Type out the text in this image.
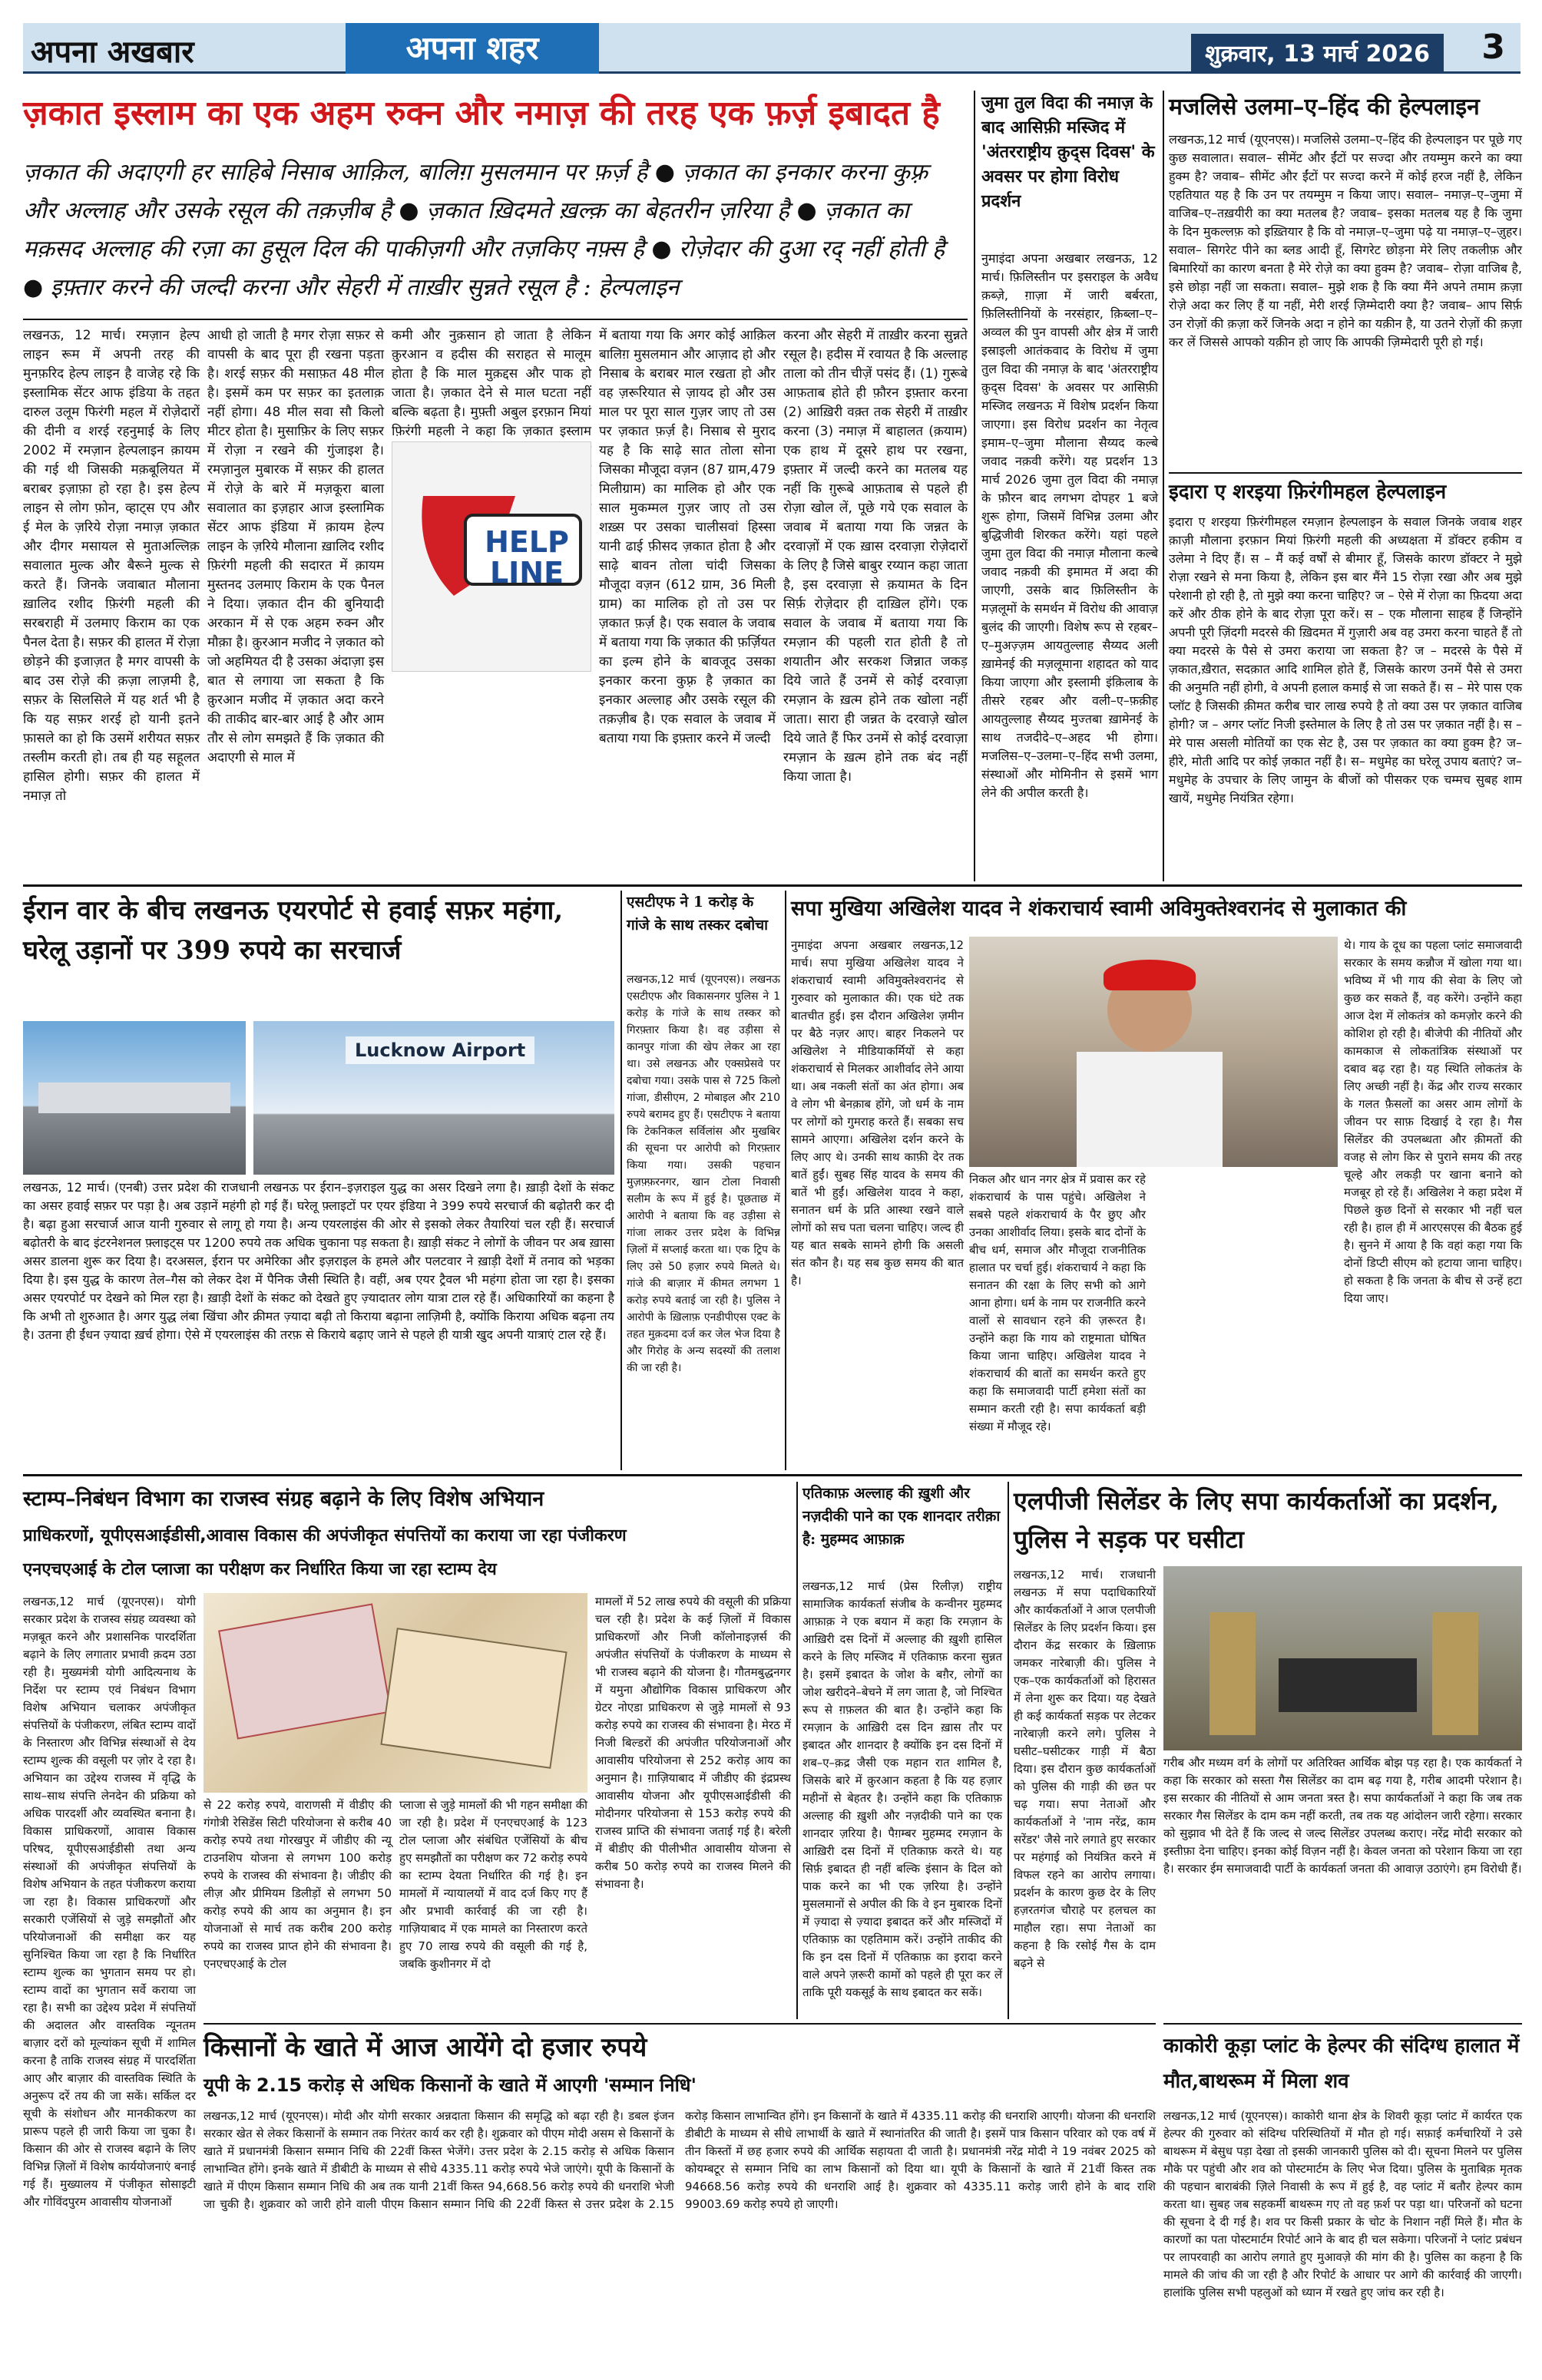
अपना अखबार	अपना शहर	शुक्रवार, 13 मार्च 2026	3
ज़कात इस्लाम का एक अहम रुक्न और नमाज़ की तरह एक फ़र्ज़ इबादत है
ज़कात की अदाएगी हर साहिबे निसाब आक़िल, बालिग़ मुसलमान पर फ़र्ज़ है ● ज़कात का इनकार करना कुफ़्र और अल्लाह और उसके रसूल की तक़ज़ीब है ● ज़कात ख़िदमते ख़ल्क़ का बेहतरीन ज़रिया है ● ज़कात का मक़सद अल्लाह की रज़ा का हुसूल दिल की पाकीज़गी और तज़किए नफ़्स है ● रोज़ेदार की दुआ रद् नहीं होती है ● इफ़्तार करने की जल्दी करना और सेहरी में ताख़ीर सुन्नते रसूल है : हेल्पलाइन
लखनऊ, 12 मार्च। रमज़ान हेल्प लाइन रूम में अपनी तरह की मुनफ़रिद हेल्प लाइन है वाजेह रहे कि इस्लामिक सेंटर आफ इंडिया के तहत दारुल उलूम फिरंगी महल में रोज़ेदारों की दीनी व शरई रहनुमाई के लिए 2002 में रमज़ान हेल्पलाइन क़ायम की गई थी जिसकी मक़बूलियत में बराबर इज़ाफ़ा हो रहा है। इस हेल्प लाइन से लोग फ़ोन, व्हाट्स एप और ई मेल के ज़रिये रोज़ा नमाज़ ज़कात और दीगर मसायल से मुताअल्लिक़ सवालात मुल्क और बैरूने मुल्क से करते हैं। जिनके जवाबात मौलाना ख़ालिद रशीद फ़िरंगी महली की सरबराही में उलमाए किराम का एक पैनल देता है। सफ़र की हालत में रोज़ा छोड़ने की इजाज़त है मगर वापसी के बाद उस रोज़े की क़ज़ा लाज़मी है, सफ़र के सिलसिले में यह शर्त भी है कि यह सफ़र शरई हो यानी इतने फ़ासले का हो कि उसमें शरीयत सफ़र तस्लीम करती हो। तब ही यह सहूलत हासिल होगी। सफ़र की हालत में नमाज़ तो
आधी हो जाती है मगर रोज़ा सफ़र से वापसी के बाद पूरा ही रखना पड़ता है। शरई सफ़र की मसाफ़त 48 मील है। इसमें कम पर सफ़र का इतलाक़ नहीं होगा। 48 मील सवा सौ किलो मीटर होता है। मुसाफ़िर के लिए सफ़र में रोज़ा न रखने की गुंजाइश है। रमज़ानुल मुबारक में सफ़र की हालत में रोज़े के बारे में मज़कूरा बाला सवालात का इज़हार आज इस्लामिक सेंटर आफ इंडिया में क़ायम हेल्प लाइन के ज़रिये मौलाना ख़ालिद रशीद फ़िरंगी महली की सदारत में क़ायम मुस्तनद उलमाए किराम के एक पैनल ने दिया। ज़कात दीन की बुनियादी अरकान में से एक अहम रुक्न और मौक़ा है। क़ुरआन मजीद ने ज़कात को जो अहमियत दी है उसका अंदाज़ा इस बात से लगाया जा सकता है कि क़ुरआन मजीद में ज़कात अदा करने की ताकीद बार-बार आई है और आम तौर से लोग समझते हैं कि ज़कात की अदाएगी से माल में
कमी और नुक़सान हो जाता है लेकिन क़ुरआन व हदीस की सराहत से मालूम होता है कि माल मुक़द्दस और पाक हो जाता है। ज़कात देने से माल घटता नहीं बल्कि बढ़ता है। मुफ़्ती अबुल इरफ़ान मियां फ़िरंगी महली ने कहा कि ज़कात इस्लाम
HELP LINE
में बताया गया कि अगर कोई आक़िल बालिग़ मुसलमान और आज़ाद हो और निसाब के बराबर माल रखता हो और वह ज़रूरियात से ज़ायद हो और उस माल पर पूरा साल गुज़र जाए तो उस पर ज़कात फ़र्ज़ है। निसाब से मुराद यह है कि साढ़े सात तोला सोना जिसका मौजूदा वज़न (87 ग्राम,479 मिलीग्राम) का मालिक हो और एक साल मुकम्मल गुज़र जाए तो उस शख़्स पर उसका चालीसवां हिस्सा यानी ढाई फ़ीसद ज़कात होता है और साढ़े बावन तोला चांदी जिसका मौजूदा वज़न (612 ग्राम, 36 मिली ग्राम) का मालिक हो तो उस पर ज़कात फ़र्ज़ है। एक सवाल के जवाब में बताया गया कि ज़कात की फ़र्ज़ियत का इल्म होने के बावजूद उसका इनकार करना कुफ़्र है ज़कात का इनकार अल्लाह और उसके रसूल की तक़ज़ीब है। एक सवाल के जवाब में बताया गया कि इफ़्तार करने में जल्दी
करना और सेहरी में ताख़ीर करना सुन्नते रसूल है। हदीस में रवायत है कि अल्लाह ताला को तीन चीज़ें पसंद हैं। (1) गुरूबे आफ़ताब होते ही फ़ौरन इफ़्तार करना (2) आख़िरी वक़्त तक सेहरी में ताख़ीर करना (3) नमाज़ में बाहालत (क़याम) एक हाथ में दूसरे हाथ पर रखना, इफ़्तार में जल्दी करने का मतलब यह नहीं कि ग़ुरूबे आफ़ताब से पहले ही रोज़ा खोल लें, पूछे गये एक सवाल के जवाब में बताया गया कि जन्नत के दरवाज़ों में एक ख़ास दरवाज़ा रोज़ेदारों के लिए है जिसे बाबुर रय्यान कहा जाता है, इस दरवाज़ा से क़यामत के दिन सिर्फ़ रोज़ेदार ही दाख़िल होंगे। एक सवाल के जवाब में बताया गया कि रमज़ान की पहली रात होती है तो शयातीन और सरकश जिन्नात जकड़ दिये जाते हैं उनमें से कोई दरवाज़ा रमज़ान के ख़त्म होने तक खोला नहीं जाता। सारा ही जन्नत के दरवाज़े खोल दिये जाते हैं फिर उनमें से कोई दरवाज़ा रमज़ान के ख़त्म होने तक बंद नहीं किया जाता है।
जुमा तुल विदा की नमाज़ के बाद आसिफ़ी मस्जिद में 'अंतरराष्ट्रीय क़ुद्स दिवस' के अवसर पर होगा विरोध प्रदर्शन
नुमाइंदा अपना अखबार लखनऊ, 12 मार्च। फ़िलिस्तीन पर इसराइल के अवैध क़ब्ज़े, ग़ाज़ा में जारी बर्बरता, फ़िलिस्तीनियों के नरसंहार, क़िब्ला–ए–अव्वल की पुन वापसी और क्षेत्र में जारी इस्राइली आतंकवाद के विरोध में जुमा तुल विदा की नमाज़ के बाद 'अंतरराष्ट्रीय क़ुद्स दिवस' के अवसर पर आसिफ़ी मस्जिद लखनऊ में विशेष प्रदर्शन किया जाएगा। इस विरोध प्रदर्शन का नेतृत्व इमाम–ए–जुमा मौलाना सैय्यद कल्बे जवाद नक़वी करेंगे। यह प्रदर्शन 13 मार्च 2026 जुमा तुल विदा की नमाज़ के फ़ौरन बाद लगभग दोपहर 1 बजे शुरू होगा, जिसमें विभिन्न उलमा और बुद्धिजीवी शिरकत करेंगे। यहां पहले जुमा तुल विदा की नमाज़ मौलाना कल्बे जवाद नक़वी की इमामत में अदा की जाएगी, उसके बाद फ़िलिस्तीन के मज़लूमों के समर्थन में विरोध की आवाज़ बुलंद की जाएगी। विशेष रूप से रहबर–ए–मुअज़्ज़म आयतुल्लाह सैय्यद अली ख़ामेनई की मज़लूमाना शहादत को याद किया जाएगा और इस्लामी इंक़िलाब के तीसरे रहबर और वली–ए–फ़क़ीह आयतुल्लाह सैय्यद मुज्तबा ख़ामेनई के साथ तजदीदे–ए–अहद भी होगा। मजलिस–ए–उलमा–ए–हिंद सभी उलमा, संस्थाओं और मोमिनीन से इसमें भाग लेने की अपील करती है।
मजलिसे उलमा–ए–हिंद की हेल्पलाइन
लखनऊ,12 मार्च (यूएनएस)। मजलिसे उलमा–ए–हिंद की हेल्पलाइन पर पूछे गए कुछ सवालात। सवाल– सीमेंट और ईंटों पर सज्दा और तयम्मुम करने का क्या हुक्म है? जवाब– सीमेंट और ईंटों पर सज्दा करने में कोई हरज नहीं है, लेकिन एहतियात यह है कि उन पर तयम्मुम न किया जाए। सवाल– नमाज़–ए–जुमा में वाजिब–ए–तख़यीरी का क्या मतलब है? जवाब– इसका मतलब यह है कि जुमा के दिन मुकल्लफ़ को इख़्तियार है कि वो नमाज़–ए–जुमा पढ़े या नमाज़–ए–ज़ुहर। सवाल– सिगरेट पीने का ब्लड आदी हूँ, सिगरेट छोड़ना मेरे लिए तकलीफ़ और बिमारियों का कारण बनता है मेरे रोज़े का क्या हुक्म है? जवाब– रोज़ा वाजिब है, इसे छोड़ा नहीं जा सकता। सवाल– मुझे शक है कि क्या मैंने अपने तमाम क़ज़ा रोज़े अदा कर लिए हैं या नहीं, मेरी शरई ज़िम्मेदारी क्या है? जवाब– आप सिर्फ़ उन रोज़ों की क़ज़ा करें जिनके अदा न होने का यक़ीन है, या उतने रोज़ों की क़ज़ा कर लें जिससे आपको यक़ीन हो जाए कि आपकी ज़िम्मेदारी पूरी हो गई।
इदारा ए शरइया फ़िरंगीमहल हेल्पलाइन
इदारा ए शरइया फ़िरंगीमहल रमज़ान हेल्पलाइन के सवाल जिनके जवाब शहर क़ाज़ी मौलाना इरफ़ान मियां फ़िरंगी महली की अध्यक्षता में डॉक्टर हकीम व उलेमा ने दिए हैं। स – मैं कई वर्षों से बीमार हूँ, जिसके कारण डॉक्टर ने मुझे रोज़ा रखने से मना किया है, लेकिन इस बार मैंने 15 रोज़ा रखा और अब मुझे परेशानी हो रही है, तो मुझे क्या करना चाहिए? ज – ऐसे में रोज़ा का फ़िदया अदा करें और ठीक होने के बाद रोज़ा पूरा करें। स – एक मौलाना साहब हैं जिन्होंने अपनी पूरी ज़िंदगी मदरसे की ख़िदमत में गुज़ारी अब वह उमरा करना चाहते हैं तो क्या मदरसे के पैसे से उमरा कराया जा सकता है? ज – मदरसे के पैसे में ज़कात,ख़ैरात, सदक़ात आदि शामिल होते हैं, जिसके कारण उनमें पैसे से उमरा की अनुमति नहीं होगी, वे अपनी हलाल कमाई से जा सकते हैं। स – मेरे पास एक प्लॉट है जिसकी क़ीमत करीब चार लाख रुपये है तो क्या उस पर ज़कात वाजिब होगी? ज – अगर प्लॉट निजी इस्तेमाल के लिए है तो उस पर ज़कात नहीं है। स – मेरे पास असली मोतियों का एक सेट है, उस पर ज़कात का क्या हुक्म है? ज– हीरे, मोती आदि पर कोई ज़कात नहीं है। स– मधुमेह का घरेलू उपाय बताएं? ज– मधुमेह के उपचार के लिए जामुन के बीजों को पीसकर एक चम्मच सुबह शाम खायें, मधुमेह नियंत्रित रहेगा।
ईरान वार के बीच लखनऊ एयरपोर्ट से हवाई सफ़र महंगा, घरेलू उड़ानों पर 399 रुपये का सरचार्ज
Lucknow Airport
लखनऊ, 12 मार्च। (एनबी) उत्तर प्रदेश की राजधानी लखनऊ पर ईरान–इज़राइल युद्ध का असर दिखने लगा है। ख़ाड़ी देशों के संकट का असर हवाई सफ़र पर पड़ा है। अब उड़ानें महंगी हो गई हैं। घरेलू फ़्लाइटों पर एयर इंडिया ने 399 रुपये सरचार्ज की बढ़ोतरी कर दी है। बढ़ा हुआ सरचार्ज आज यानी गुरुवार से लागू हो गया है। अन्य एयरलाइंस की ओर से इसको लेकर तैयारियां चल रही हैं। सरचार्ज बढ़ोतरी के बाद इंटरनेशनल फ़्लाइट्स पर 1200 रुपये तक अधिक चुकाना पड़ सकता है। ख़ाड़ी संकट ने लोगों के जीवन पर अब ख़ासा असर डालना शुरू कर दिया है। दरअसल, ईरान पर अमेरिका और इज़राइल के हमले और पलटवार ने ख़ाड़ी देशों में तनाव को भड़का दिया है। इस युद्ध के कारण तेल–गैस को लेकर देश में पैनिक जैसी स्थिति है। वहीं, अब एयर ट्रैवल भी महंगा होता जा रहा है। इसका असर एयरपोर्ट पर देखने को मिल रहा है। ख़ाड़ी देशों के संकट को देखते हुए ज़्यादातर लोग यात्रा टाल रहे हैं। अधिकारियों का कहना है कि अभी तो शुरुआत है। अगर युद्ध लंबा खिंचा और क्रीमत ज़्यादा बढ़ी तो किराया बढ़ाना लाज़िमी है, क्योंकि किराया अधिक बढ़ना तय है। उतना ही ईंधन ज़्यादा ख़र्च होगा। ऐसे में एयरलाइंस की तरफ़ से किराये बढ़ाए जाने से पहले ही यात्री खुद अपनी यात्राएं टाल रहे हैं।
एसटीएफ ने 1 करोड़ के गांजे के साथ तस्कर दबोचा
लखनऊ,12 मार्च (यूएनएस)। लखनऊ एसटीएफ और विकासनगर पुलिस ने 1 करोड़ के गांजे के साथ तस्कर को गिरफ़्तार किया है। वह उड़ीसा से कानपुर गांजा की खेप लेकर आ रहा था। उसे लखनऊ और एक्सप्रेसवे पर दबोचा गया। उसके पास से 725 किलो गांजा, डीसीएम, 2 मोबाइल और 210 रुपये बरामद हुए हैं। एसटीएफ ने बताया कि टेकनिकल सर्विलांस और मुखबिर की सूचना पर आरोपी को गिरफ़्तार किया गया। उसकी पहचान मुज़फ़्फ़रनगर, खान टोला निवासी सलीम के रूप में हुई है। पूछताछ में आरोपी ने बताया कि वह उड़ीसा से गांजा लाकर उत्तर प्रदेश के विभिन्न ज़िलों में सप्लाई करता था। एक ट्रिप के लिए उसे 50 हज़ार रुपये मिलते थे। गांजे की बाज़ार में कीमत लगभग 1 करोड़ रुपये बताई जा रही है। पुलिस ने आरोपी के ख़िलाफ़ एनडीपीएस एक्ट के तहत मुक़दमा दर्ज कर जेल भेज दिया है और गिरोह के अन्य सदस्यों की तलाश की जा रही है।
सपा मुखिया अखिलेश यादव ने शंकराचार्य स्वामी अविमुक्तेश्वरानंद से मुलाकात की
नुमाइंदा अपना अखबार लखनऊ,12 मार्च। सपा मुखिया अखिलेश यादव ने शंकराचार्य स्वामी अविमुक्तेश्वरानंद से गुरुवार को मुलाकात की। एक घंटे तक बातचीत हुई। इस दौरान अखिलेश ज़मीन पर बैठे नज़र आए। बाहर निकलने पर अखिलेश ने मीडियाकर्मियों से कहा शंकराचार्य से मिलकर आशीर्वाद लेने आया था। अब नकली संतों का अंत होगा। अब वे लोग भी बेनक़ाब होंगे, जो धर्म के नाम पर लोगों को गुमराह करते हैं। सबका सच सामने आएगा। अखिलेश दर्शन करने के लिए आए थे। उनकी साथ काफ़ी देर तक बातें हुईं। सुबह सिंह यादव के समय की बातें भी हुईं। अखिलेश यादव ने कहा, सनातन धर्म के प्रति आस्था रखने वाले लोगों को सच पता चलना चाहिए। जल्द ही यह बात सबके सामने होगी कि असली संत कौन है। यह सब कुछ समय की बात है।
निकल और धान नगर क्षेत्र में प्रवास कर रहे शंकराचार्य के पास पहुंचे। अखिलेश ने सबसे पहले शंकराचार्य के पैर छुए और उनका आशीर्वाद लिया। इसके बाद दोनों के बीच धर्म, समाज और मौजूदा राजनीतिक हालात पर चर्चा हुई। शंकराचार्य ने कहा कि सनातन की रक्षा के लिए सभी को आगे आना होगा। धर्म के नाम पर राजनीति करने वालों से सावधान रहने की ज़रूरत है। उन्होंने कहा कि गाय को राष्ट्रमाता घोषित किया जाना चाहिए। अखिलेश यादव ने शंकराचार्य की बातों का समर्थन करते हुए कहा कि समाजवादी पार्टी हमेशा संतों का सम्मान करती रही है। सपा कार्यकर्ता बड़ी संख्या में मौजूद रहे।
थे। गाय के दूध का पहला प्लांट समाजवादी सरकार के समय कन्नौज में खोला गया था। भविष्य में भी गाय की सेवा के लिए जो कुछ कर सकते हैं, वह करेंगे। उन्होंने कहा आज देश में लोकतंत्र को कमज़ोर करने की कोशिश हो रही है। बीजेपी की नीतियों और कामकाज से लोकतांत्रिक संस्थाओं पर दबाव बढ़ रहा है। यह स्थिति लोकतंत्र के लिए अच्छी नहीं है। केंद्र और राज्य सरकार के गलत फ़ैसलों का असर आम लोगों के जीवन पर साफ़ दिखाई दे रहा है। गैस सिलेंडर की उपलब्धता और क़ीमतों की वजह से लोग किर से पुराने समय की तरह चूल्हे और लकड़ी पर खाना बनाने को मजबूर हो रहे हैं। अखिलेश ने कहा प्रदेश में पिछले कुछ दिनों से सरकार भी नहीं चल रही है। हाल ही में आरएसएस की बैठक हुई है। सुनने में आया है कि वहां कहा गया कि दोनों डिप्टी सीएम को हटाया जाना चाहिए। हो सकता है कि जनता के बीच से उन्हें हटा दिया जाए।
स्टाम्प–निबंधन विभाग का राजस्व संग्रह बढ़ाने के लिए विशेष अभियान
प्राधिकरणों, यूपीएसआईडीसी,आवास विकास की अपंजीकृत संपत्तियों का कराया जा रहा पंजीकरण
एनएचएआई के टोल प्लाजा का परीक्षण कर निर्धारित किया जा रहा स्टाम्प देय
लखनऊ,12 मार्च (यूएनएस)। योगी सरकार प्रदेश के राजस्व संग्रह व्यवस्था को मज़बूत करने और प्रशासनिक पारदर्शिता बढ़ाने के लिए लगातार प्रभावी क़दम उठा रही है। मुख्यमंत्री योगी आदित्यनाथ के निर्देश पर स्टाम्प एवं निबंधन विभाग विशेष अभियान चलाकर अपंजीकृत संपत्तियों के पंजीकरण, लंबित स्टाम्प वादों के निस्तारण और विभिन्न संस्थाओं से देय स्टाम्प शुल्क की वसूली पर ज़ोर दे रहा है। अभियान का उद्देश्य राजस्व में वृद्धि के साथ–साथ संपत्ति लेनदेन की प्रक्रिया को अधिक पारदर्शी और व्यवस्थित बनाना है। विकास प्राधिकरणों, आवास विकास परिषद, यूपीएसआईडीसी तथा अन्य संस्थाओं की अपंजीकृत संपत्तियों के विशेष अभियान के तहत पंजीकरण कराया जा रहा है। विकास प्राधिकरणों और सरकारी एजेंसियों से जुड़े समझौतों और परियोजनाओं की समीक्षा कर यह सुनिश्चित किया जा रहा है कि निर्धारित स्टाम्प शुल्क का भुगतान समय पर हो। स्टाम्प वादों का भुगतान सर्वे कराया जा रहा है। सभी का उद्देश्य प्रदेश में संपत्तियों की अदालत और वास्तविक न्यूनतम बाज़ार दरों को मूल्यांकन सूची में शामिल करना है ताकि राजस्व संग्रह में पारदर्शिता आए और बाज़ार की वास्तविक स्थिति के अनुरूप दरें तय की जा सकें। सर्किल दर सूची के संशोधन और मानकीकरण का प्रारूप पहले ही जारी किया जा चुका है। किसान की ओर से राजस्व बढ़ाने के लिए विभिन्न ज़िलों में विशेष कार्ययोजनाएं बनाई गई हैं। मुख्यालय में पंजीकृत सोसाइटी और गोविंदपुरम आवासीय योजनाओं
से 22 करोड़ रुपये, वाराणसी में वीडीए की गंगोत्री रेसिडेंस सिटी परियोजना से करीब 40 करोड़ रुपये तथा गोरखपुर में जीडीए की न्यू टाउनशिप योजना से लगभग 100 करोड़ रुपये के राजस्व की संभावना है। जीडीए की लीज़ और प्रीमियम डिलीड़ों से लगभग 50 करोड़ रुपये की आय का अनुमान है। इन योजनाओं से मार्च तक करीब 200 करोड़ रुपये का राजस्व प्राप्त होने की संभावना है। एनएचएआई के टोल
प्लाजा से जुड़े मामलों की भी गहन समीक्षा की जा रही है। प्रदेश में एनएचएआई के 123 टोल प्लाजा और संबंधित एजेंसियों के बीच हुए समझौतों का परीक्षण कर 72 करोड़ रुपये का स्टाम्प देयता निर्धारित की गई है। इन मामलों में न्यायालयों में वाद दर्ज किए गए हैं और प्रभावी कार्रवाई की जा रही है। गाज़ियाबाद में एक मामले का निस्तारण करते हुए 70 लाख रुपये की वसूली की गई है, जबकि कुशीनगर में दो
मामलों में 52 लाख रुपये की वसूली की प्रक्रिया चल रही है। प्रदेश के कई ज़िलों में विकास प्राधिकरणों और निजी कॉलोनाइज़र्स की अपंजीत संपत्तियों के पंजीकरण के माध्यम से भी राजस्व बढ़ाने की योजना है। गौतमबुद्धनगर में यमुना औद्योगिक विकास प्राधिकरण और ग्रेटर नोएडा प्राधिकरण से जुड़े मामलों से 93 करोड़ रुपये का राजस्व की संभावना है। मेरठ में निजी बिल्डरों की अपंजीत परियोजनाओं और आवासीय परियोजना से 252 करोड़ आय का अनुमान है। ग़ाज़ियाबाद में जीडीए की इंद्रप्रस्थ आवासीय योजना और यूपीएसआईडीसी की मोदीनगर परियोजना से 153 करोड़ रुपये की राजस्व प्राप्ति की संभावना जताई गई है। बरेली में बीडीए की पीलीभीत आवासीय योजना से करीब 50 करोड़ रुपये का राजस्व मिलने की संभावना है।
किसानों के खाते में आज आयेंगे दो हजार रुपये
यूपी के 2.15 करोड़ से अधिक किसानों के खाते में आएगी 'सम्मान निधि'
लखनऊ,12 मार्च (यूएनएस)। मोदी और योगी सरकार अन्नदाता किसान की समृद्धि को बढ़ा रही है। डबल इंजन सरकार खेत से लेकर किसानों के सम्मान तक निरंतर कार्य कर रही है। शुक्रवार को पीएम मोदी असम से किसानों के खाते में प्रधानमंत्री किसान सम्मान निधि की 22वीं किस्त भेजेंगे। उत्तर प्रदेश के 2.15 करोड़ से अधिक किसान लाभान्वित होंगे। इनके खाते में डीबीटी के माध्यम से सीधे 4335.11 करोड़ रुपये भेजे जाएंगे। यूपी के किसानों के खाते में पीएम किसान सम्मान निधि की अब तक यानी 21वीं किस्त 94,668.56 करोड़ रुपये की धनराशि भेजी जा चुकी है। शुक्रवार को जारी होने वाली पीएम किसान सम्मान निधि की 22वीं किस्त से उत्तर प्रदेश के 2.15 करोड़ किसान लाभान्वित होंगे। इन किसानों के खाते में 4335.11 करोड़ की धनराशि आएगी। योजना की धनराशि डीबीटी के माध्यम से सीधे लाभार्थी के खाते में स्थानांतरित की जाती है। इसमें पात्र किसान परिवार को एक वर्ष में तीन किस्तों में छह हजार रुपये की आर्थिक सहायता दी जाती है। प्रधानमंत्री नरेंद्र मोदी ने 19 नवंबर 2025 को कोयम्बटूर से सम्मान निधि का लाभ किसानों को दिया था। यूपी के किसानों के खाते में 21वीं किस्त तक 94668.56 करोड़ रुपये की धनराशि आई है। शुक्रवार को 4335.11 करोड़ जारी होने के बाद राशि 99003.69 करोड़ रुपये हो जाएगी।
एतिकाफ़ अल्लाह की ख़ुशी और नज़दीकी पाने का एक शानदार तरीक़ा है: मुहम्मद आफ़ाक़
लखनऊ,12 मार्च (प्रेस रिलीज़) राष्ट्रीय सामाजिक कार्यकर्ता संजीब के कन्वीनर मुहम्मद आफ़ाक़ ने एक बयान में कहा कि रमज़ान के आख़िरी दस दिनों में अल्लाह की ख़ुशी हासिल करने के लिए मस्जिद में एतिकाफ़ करना सुन्नत है। इसमें इबादत के जोश के बग़ैर, लोगों का जोश खरीदने–बेचने में लग जाता है, जो निश्चित रूप से ग़फ़लत की बात है। उन्होंने कहा कि रमज़ान के आख़िरी दस दिन ख़ास तौर पर इबादत और शानदार है क्योंकि इन दस दिनों में शब–ए–क़द्र जैसी एक महान रात शामिल है, जिसके बारे में क़ुरआन कहता है कि यह हज़ार महीनों से बेहतर है। उन्होंने कहा कि एतिकाफ़ अल्लाह की ख़ुशी और नज़दीकी पाने का एक शानदार ज़रिया है। पैग़म्बर मुहम्मद रमज़ान के आख़िरी दस दिनों में एतिकाफ़ करते थे। यह सिर्फ़ इबादत ही नहीं बल्कि इंसान के दिल को पाक करने का भी एक ज़रिया है। उन्होंने मुसलमानों से अपील की कि वे इन मुबारक दिनों में ज़्यादा से ज़्यादा इबादत करें और मस्जिदों में एतिकाफ़ का एहतिमाम करें। उन्होंने ताकीद की कि इन दस दिनों में एतिकाफ़ का इरादा करने वाले अपने ज़रूरी कामों को पहले ही पूरा कर लें ताकि पूरी यकसूई के साथ इबादत कर सकें।
एलपीजी सिलेंडर के लिए सपा कार्यकर्ताओं का प्रदर्शन, पुलिस ने सड़क पर घसीटा
लखनऊ,12 मार्च। राजधानी लखनऊ में सपा पदाधिकारियों और कार्यकर्ताओं ने आज एलपीजी सिलेंडर के लिए प्रदर्शन किया। इस दौरान केंद्र सरकार के ख़िलाफ़ जमकर नारेबाज़ी की। पुलिस ने एक–एक कार्यकर्ताओं को हिरासत में लेना शुरू कर दिया। यह देखते ही कई कार्यकर्ता सड़क पर लेटकर नारेबाज़ी करने लगे। पुलिस ने घसीट–घसीटकर गाड़ी में बैठा दिया। इस दौरान कुछ कार्यकर्ताओं को पुलिस की गाड़ी की छत पर चढ़ गया। सपा नेताओं और कार्यकर्ताओं ने 'नाम नरेंद्र, काम सरेंडर' जैसे नारे लगाते हुए सरकार पर महंगाई को नियंत्रित करने में विफल रहने का आरोप लगाया। प्रदर्शन के कारण कुछ देर के लिए हज़रतगंज चौराहे पर हलचल का माहौल रहा। सपा नेताओं का कहना है कि रसोई गैस के दाम बढ़ने से
गरीब और मध्यम वर्ग के लोगों पर अतिरिक्त आर्थिक बोझ पड़ रहा है। एक कार्यकर्ता ने कहा कि सरकार को सस्ता गैस सिलेंडर का दाम बढ़ गया है, गरीब आदमी परेशान है। इस सरकार की नीतियों से आम जनता त्रस्त है। सपा कार्यकर्ताओं ने कहा कि जब तक सरकार गैस सिलेंडर के दाम कम नहीं करती, तब तक यह आंदोलन जारी रहेगा। सरकार को सुझाव भी देते हैं कि जल्द से जल्द सिलेंडर उपलब्ध कराए। नरेंद्र मोदी सरकार को इस्तीफ़ा देना चाहिए। इनका कोई विज़न नहीं है। केवल जनता को परेशान किया जा रहा है। सरकार ईम समाजवादी पार्टी के कार्यकर्ता जनता की आवाज़ उठाएंगे। हम विरोधी हैं।
काकोरी कूड़ा प्लांट के हेल्पर की संदिग्ध हालात में मौत,बाथरूम में मिला शव
लखनऊ,12 मार्च (यूएनएस)। काकोरी थाना क्षेत्र के शिवरी कूड़ा प्लांट में कार्यरत एक हेल्पर की गुरुवार को संदिग्ध परिस्थितियों में मौत हो गई। सफ़ाई कर्मचारियों ने उसे बाथरूम में बेसुध पड़ा देखा तो इसकी जानकारी पुलिस को दी। सूचना मिलने पर पुलिस मौके पर पहुंची और शव को पोस्टमार्टम के लिए भेज दिया। पुलिस के मुताबिक़ मृतक की पहचान बाराबंकी ज़िले निवासी के रूप में हुई है, वह प्लांट में बतौर हेल्पर काम करता था। सुबह जब सहकर्मी बाथरूम गए तो वह फ़र्श पर पड़ा था। परिजनों को घटना की सूचना दे दी गई है। शव पर किसी प्रकार के चोट के निशान नहीं मिले हैं। मौत के कारणों का पता पोस्टमार्टम रिपोर्ट आने के बाद ही चल सकेगा। परिजनों ने प्लांट प्रबंधन पर लापरवाही का आरोप लगाते हुए मुआवज़े की मांग की है। पुलिस का कहना है कि मामले की जांच की जा रही है और रिपोर्ट के आधार पर आगे की कार्रवाई की जाएगी। हालांकि पुलिस सभी पहलुओं को ध्यान में रखते हुए जांच कर रही है।
